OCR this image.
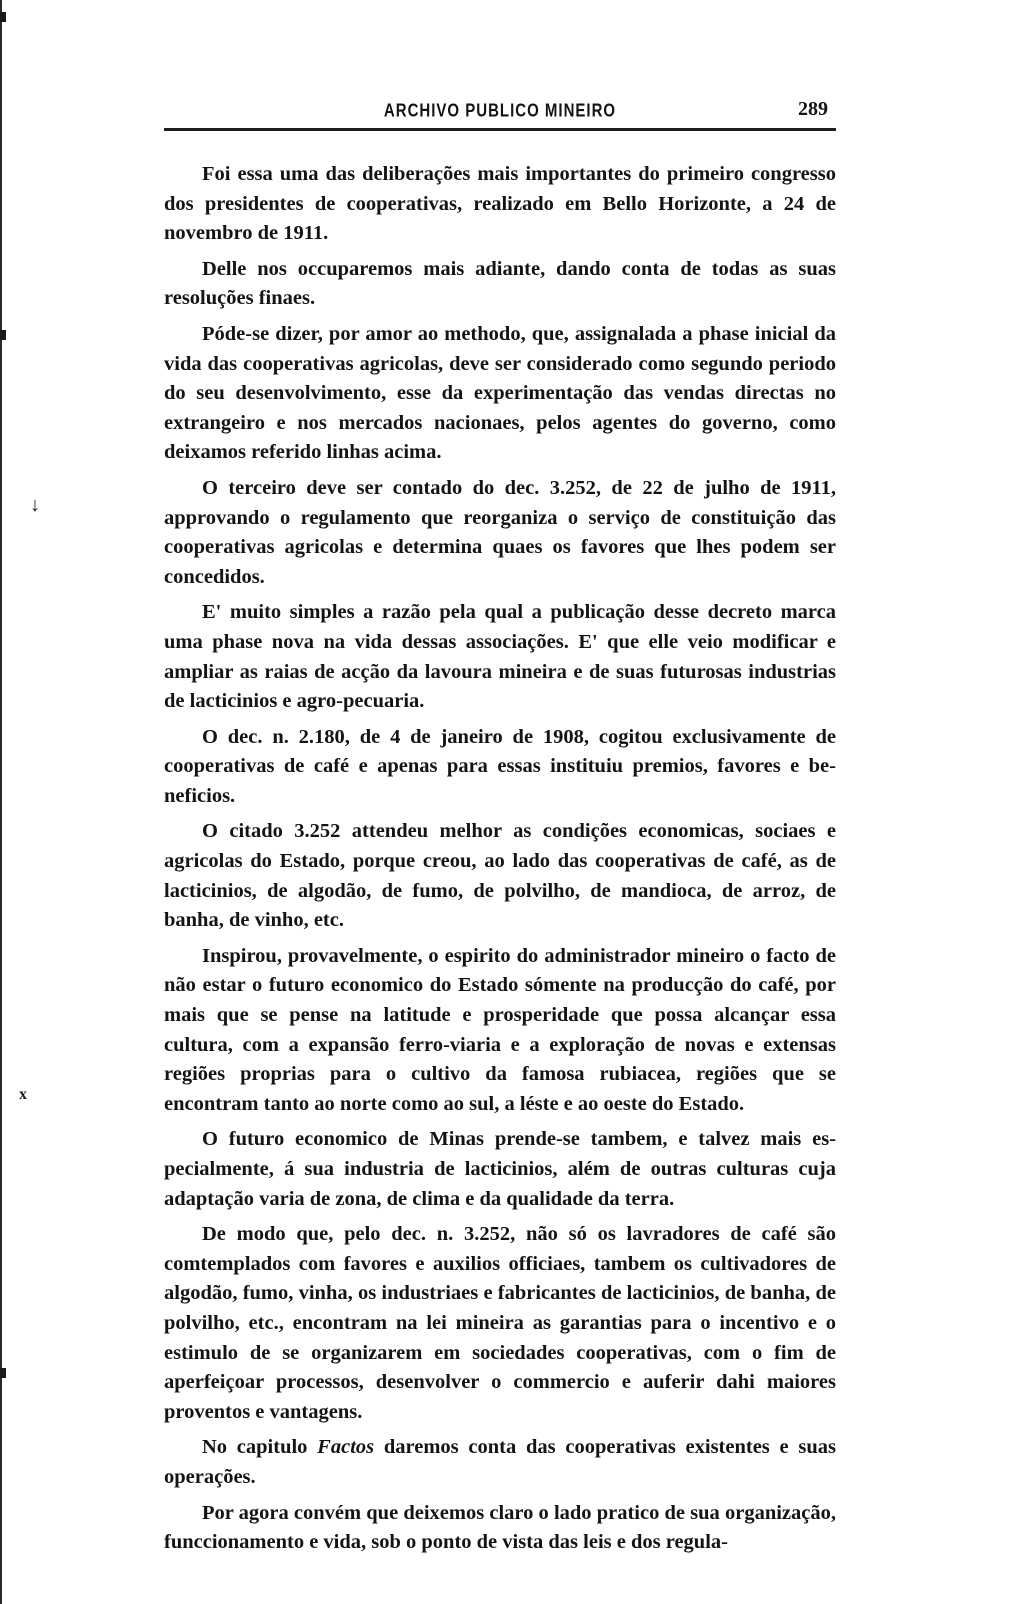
ARCHIVO PUBLICO MINEIRO	289
↓
x

Foi essa uma das deliberações mais importantes do primeiro congresso dos presidentes de cooperativas, realizado em Bello Horizonte, a 24 de novembro de 1911.

Delle nos occuparemos mais adiante, dando conta de todas as suas resoluções finaes.

Póde-se dizer, por amor ao methodo, que, assignalada a phase inicial da vida das cooperativas agricolas, deve ser considerado como segundo periodo do seu desenvolvimento, esse da experimentação das vendas directas no extrangeiro e nos mercados nacionaes, pelos agentes do governo, como deixamos referido linhas acima.

O terceiro deve ser contado do dec. 3.252, de 22 de julho de 1911, approvando o regulamento que reorganiza o serviço de constituição das cooperativas agricolas e determina quaes os favores que lhes podem ser concedidos.

E' muito simples a razão pela qual a publicação desse decreto marca uma phase nova na vida dessas associações. E' que elle veio modificar e ampliar as raias de acção da lavoura mineira e de suas futurosas industrias de lacticinios e agro-pecuaria.

O dec. n. 2.180, de 4 de janeiro de 1908, cogitou exclusivamente de cooperativas de café e apenas para essas instituiu premios, favores e beneficios.

O citado 3.252 attendeu melhor as condições economicas, sociaes e agricolas do Estado, porque creou, ao lado das cooperativas de café, as de lacticinios, de algodão, de fumo, de polvilho, de mandioca, de arroz, de banha, de vinho, etc.

Inspirou, provavelmente, o espirito do administrador mineiro o facto de não estar o futuro economico do Estado sómente na producção do café, por mais que se pense na latitude e prosperidade que possa alcançar essa cultura, com a expansão ferro-viaria e a exploração de novas e extensas regiões proprias para o cultivo da famosa rubiacea, regiões que se encontram tanto ao norte como ao sul, a léste e ao oeste do Estado.

O futuro economico de Minas prende-se tambem, e talvez mais especialmente, á sua industria de lacticinios, além de outras culturas cuja adaptação varia de zona, de clima e da qualidade da terra.

De modo que, pelo dec. n. 3.252, não só os lavradores de café são comtemplados com favores e auxilios officiaes, tambem os cultivadores de algodão, fumo, vinha, os industriaes e fabricantes de lacticinios, de banha, de polvilho, etc., encontram na lei mineira as garantias para o incentivo e o estimulo de se organizarem em sociedades cooperativas, com o fim de aperfeiçoar processos, desenvolver o commercio e auferir dahi maiores proventos e vantagens.

No capitulo Factos daremos conta das cooperativas existentes e suas operações.

Por agora convém que deixemos claro o lado pratico de sua organização, funccionamento e vida, sob o ponto de vista das leis e dos regula-
